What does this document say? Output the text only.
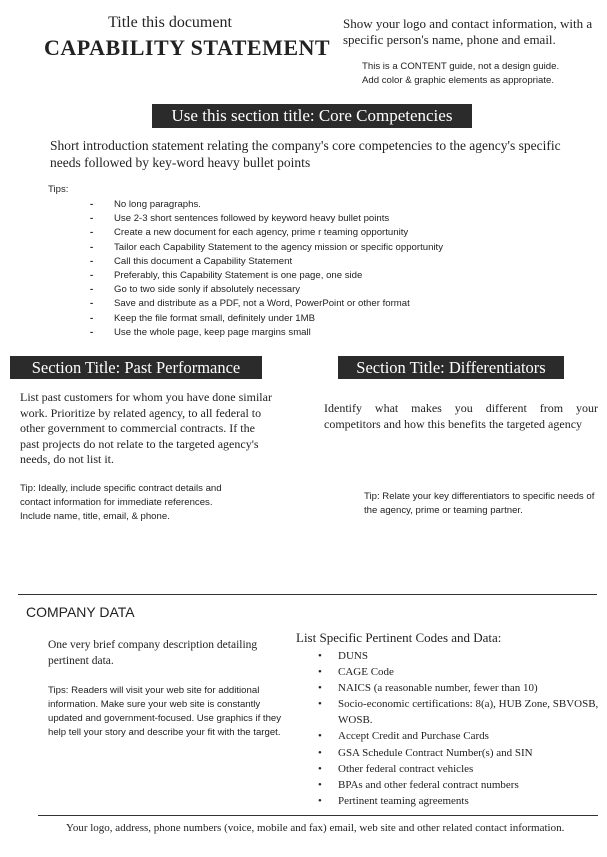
Title this document
CAPABILITY STATEMENT
Show your logo and contact information, with a specific person's name, phone and email.
This is a CONTENT guide, not a design guide.
Add color & graphic elements as appropriate.
Use this section title: Core Competencies
Short introduction statement relating the company's core competencies to the agency's specific needs followed by key-word heavy bullet points
Tips:
- No long paragraphs.
- Use 2-3 short sentences followed by keyword heavy bullet points
- Create a new document for each agency, prime r teaming opportunity
- Tailor each Capability Statement to the agency mission or specific opportunity
- Call this document a Capability Statement
- Preferably, this Capability Statement is one page, one side
- Go to two side sonly if absolutely necessary
- Save and distribute as a PDF, not a Word, PowerPoint or other format
- Keep the file format small, definitely under 1MB
- Use the whole page, keep page margins small
Section Title: Past Performance
List past customers for whom you have done similar work. Prioritize by related agency, to all federal to other government to commercial contracts. If the past projects do not relate to the targeted agency's needs, do not list it.
Tip: Ideally, include specific contract details and contact information for immediate references. Include name, title, email, & phone.
Section Title: Differentiators
Identify what makes you different from your competitors and how this benefits the targeted agency
Tip: Relate your key differentiators to specific needs of the agency, prime or teaming partner.
COMPANY DATA
One very brief company description detailing pertinent data.
Tips: Readers will visit your web site for additional information. Make sure your web site is constantly updated and government-focused. Use graphics if they help tell your story and describe your fit with the target.
List Specific Pertinent Codes and Data:
• DUNS
• CAGE Code
• NAICS (a reasonable number, fewer than 10)
• Socio-economic certifications: 8(a), HUB Zone, SBVOSB, WOSB.
• Accept Credit and Purchase Cards
• GSA Schedule Contract Number(s) and SIN
• Other federal contract vehicles
• BPAs and other federal contract numbers
• Pertinent teaming agreements
Your logo, address, phone numbers (voice, mobile and fax) email, web site and other related contact information.
